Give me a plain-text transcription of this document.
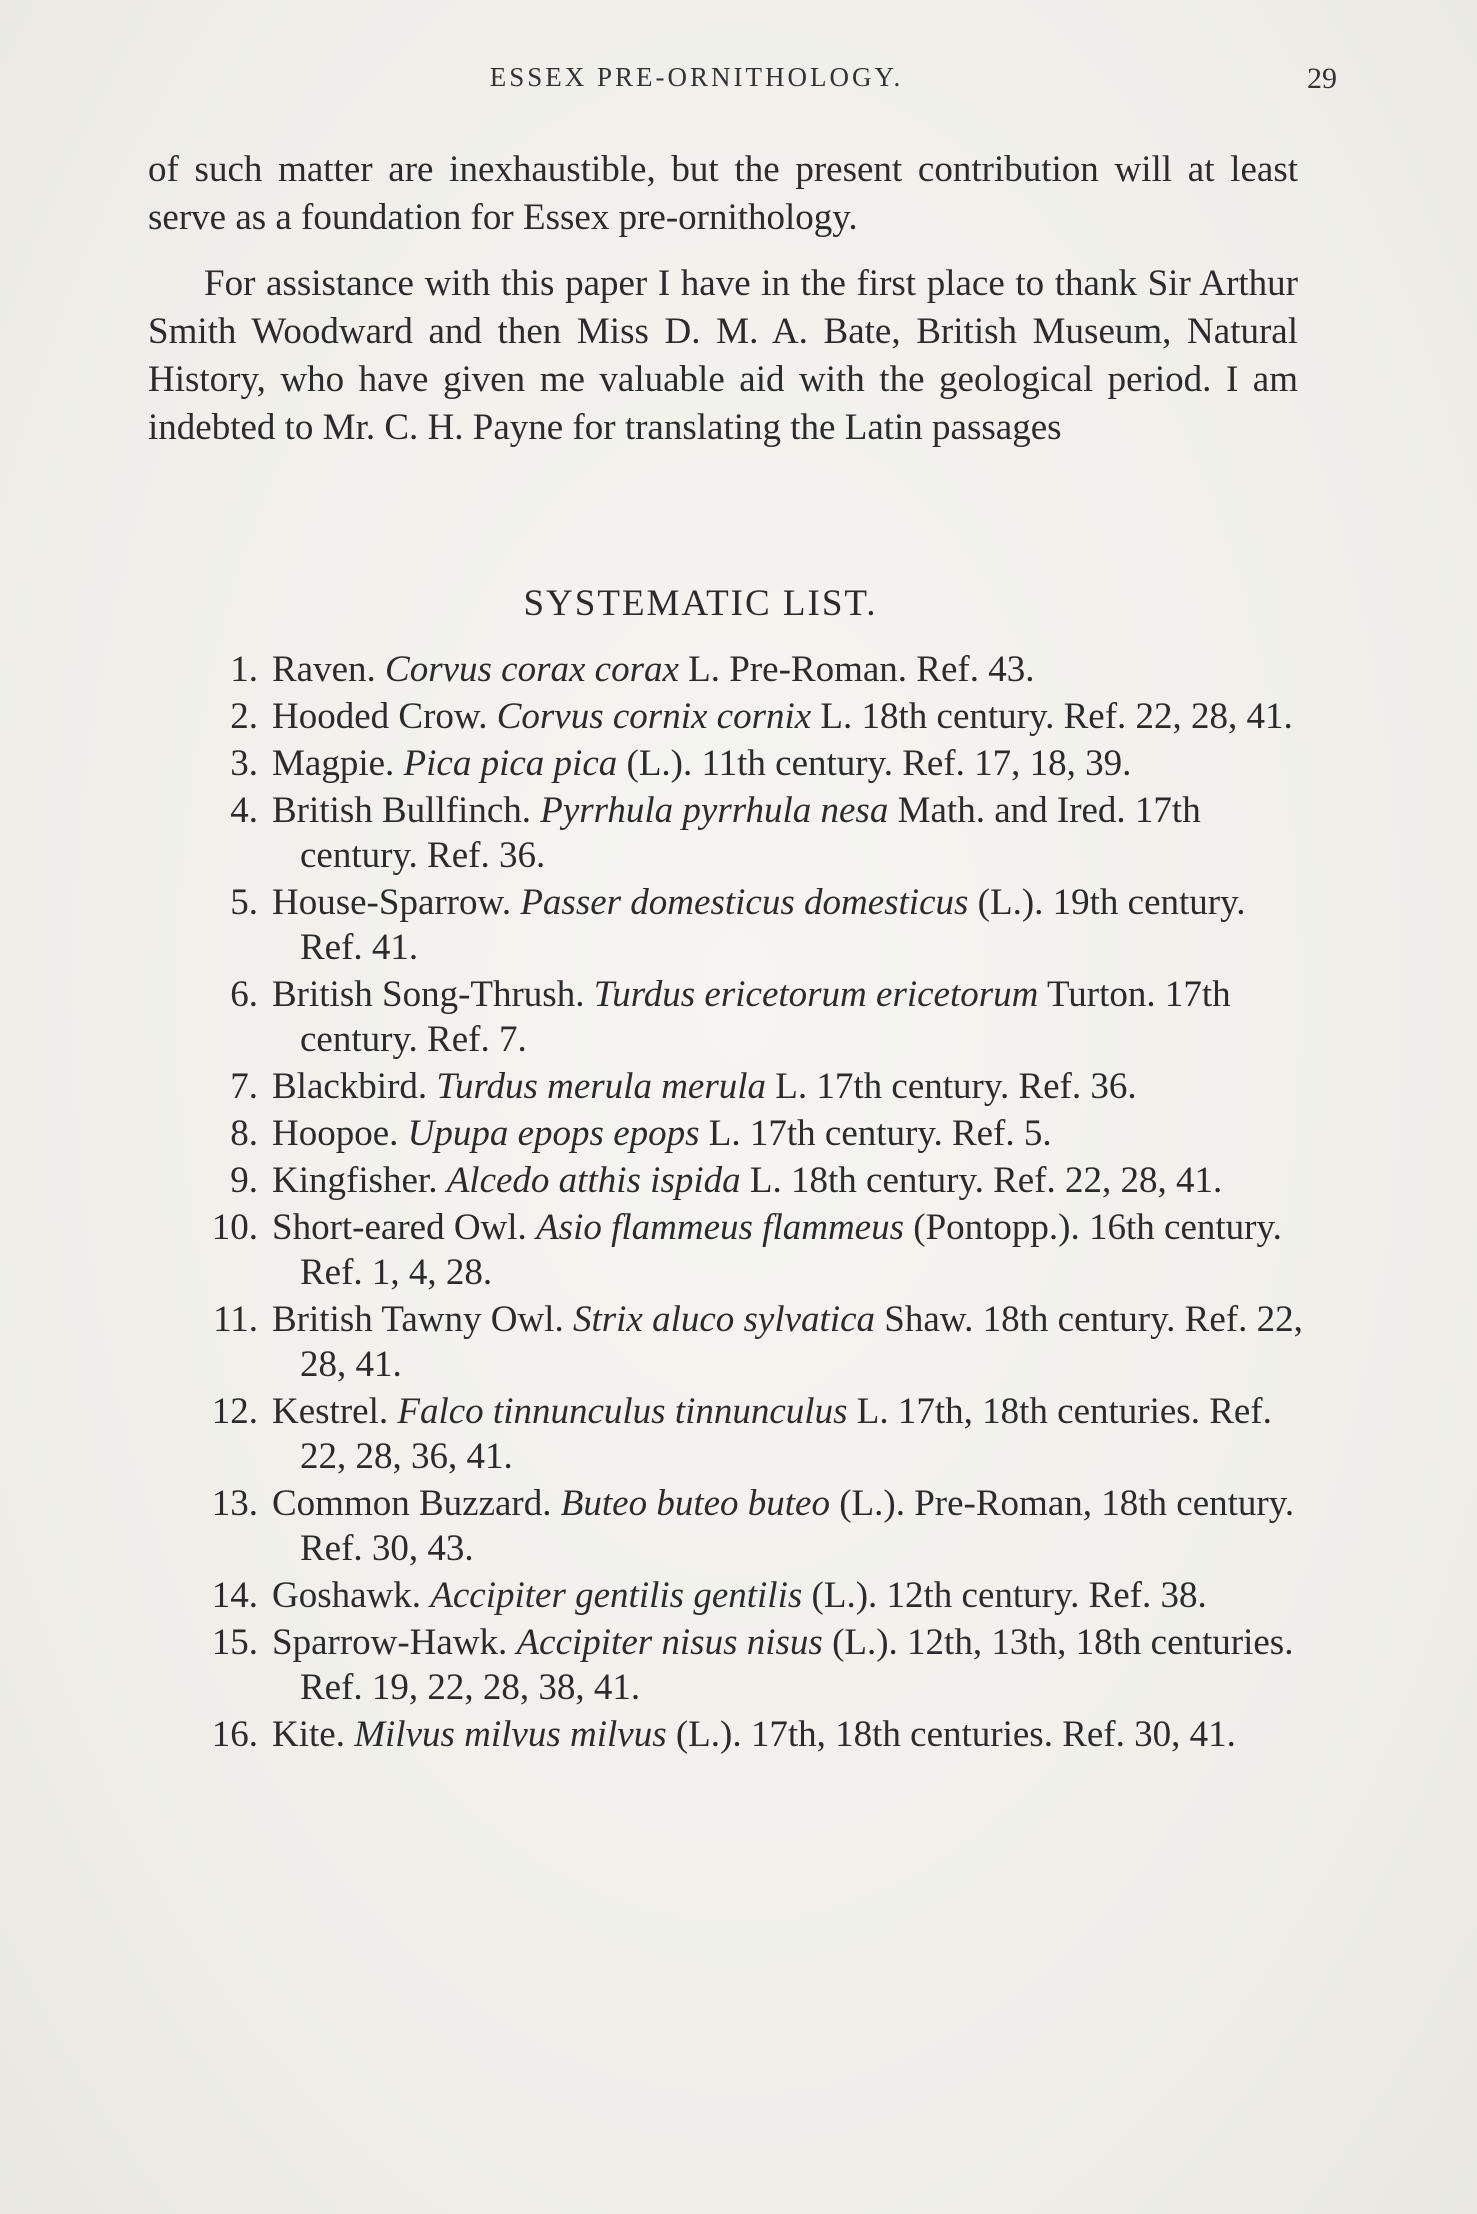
ESSEX PRE-ORNITHOLOGY.	29

of such matter are inexhaustible, but the present contribution will at least serve as a foundation for Essex pre-ornithology.

For assistance with this paper I have in the first place to thank Sir Arthur Smith Woodward and then Miss D. M. A. Bate, British Museum, Natural History, who have given me valuable aid with the geological period. I am indebted to Mr. C. H. Payne for translating the Latin passages

SYSTEMATIC LIST.
1. Raven. Corvus corax corax L. Pre-Roman. Ref. 43.
2. Hooded Crow. Corvus cornix cornix L. 18th century. Ref. 22, 28, 41.
3. Magpie. Pica pica pica (L.). 11th century. Ref. 17, 18, 39.
4. British Bullfinch. Pyrrhula pyrrhula nesa Math. and Ired. 17th century. Ref. 36.
5. House-Sparrow. Passer domesticus domesticus (L.). 19th century. Ref. 41.
6. British Song-Thrush. Turdus ericetorum ericetorum Turton. 17th century. Ref. 7.
7. Blackbird. Turdus merula merula L. 17th century. Ref. 36.
8. Hoopoe. Upupa epops epops L. 17th century. Ref. 5.
9. Kingfisher. Alcedo atthis ispida L. 18th century. Ref. 22, 28, 41.
10. Short-eared Owl. Asio flammeus flammeus (Pontopp.). 16th century. Ref. 1, 4, 28.
11. British Tawny Owl. Strix aluco sylvatica Shaw. 18th century. Ref. 22, 28, 41.
12. Kestrel. Falco tinnunculus tinnunculus L. 17th, 18th centuries. Ref. 22, 28, 36, 41.
13. Common Buzzard. Buteo buteo buteo (L.). Pre-Roman, 18th century. Ref. 30, 43.
14. Goshawk. Accipiter gentilis gentilis (L.). 12th century. Ref. 38.
15. Sparrow-Hawk. Accipiter nisus nisus (L.). 12th, 13th, 18th centuries. Ref. 19, 22, 28, 38, 41.
16. Kite. Milvus milvus milvus (L.). 17th, 18th centuries. Ref. 30, 41.
